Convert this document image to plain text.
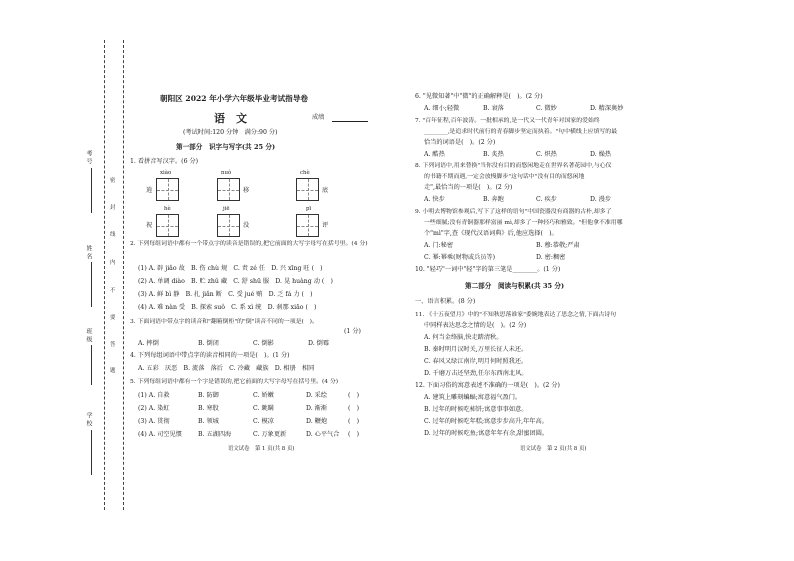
考号
姓名
班级
学校
密
封
线
内
不
要
答
题
朝阳区 2022 年小学六年级毕业考试指导卷
语　文	成绩
(考试时间:120 分钟　满分:90 分)
第一部分　识字与写字(共 25 分)
1. 看拼音写汉字。(6 分)
xiào	nuò	chè
逍	移	底
hè	jiē	pī
祝	没	评
2. 下列每组词语中都有一个带点字的读音是错误的,把它前面的大写字母写在括号里。(4 分)
(1) A. 辟 jiǎo 故　B. 伤 chù 规　C. 责 zé 任　D. 兴 xīng 旺 (　)
(2) A. 单调 diào　B. 贮 zhǔ 藏　C. 舒 shū 服　D. 晃 huàng 动 (　)
(3) A. 鲜 bì 静　B. 扎 jiǎn 断　C. 受 jué 贿　D. 乏 fá 力 (　)
(4) A. 难 nàn 受　B. 探索 suǒ　C. 系 xì 统　D. 刹那 xiāo (　)
3. 下面词语中带点字的读音和"翻箱倒柜"的"倒"读音不同的一项是(　)。
(1 分)
A. 摔倒	B. 倒闭	C. 倒影	D. 倒霉
4. 下列每组词语中带点字的读音相同的一项是(　)。(1 分)
A. 五彩　厌恶　B. 流落　落后　C. 冷藏　藏族　D. 相册　相同
5. 下列每组词语中都有一个字是错误的,把它前面的大写字母写在括号里。(4 分)
(1) A. 自救	B. 防御	C. 娇嫩	D. 采绘	(　)
(2) A. 染虹	B. 寒股	C. 眺瞒	D. 渐渐	(　)
(3) A. 贯彻	B. 领城	C. 模凉	D. 鞭炮	(　)
(4) A. 司空见惯	B. 五湖四海	C. 万象更新	D. 心平气合 (　)
语文试卷　第 1 页(共 8 页)
6. "见微知著"中"微"的正确解释是(　)。(2 分)
A. 细小;轻微	B. 衰落	C. 微妙	D. 精深奥妙
7. "百年征程,百年波涛。一批相承的,是一代又一代青年对国家的爱始终
________,是追求时代前行的青春脚步坚定而执着。"句中横线上应填写的最
恰当的词语是(　)。(2 分)
A. 酷热	B. 炙热	C. 炽热	D. 燥热
8. 下列词语中,用来替换"当你没有目的而悠闲地走在世界名著花园中,与心仪
的书籍不期而遇,一定会放慢脚步"这句话中"没有目的而悠闲地
走",最恰当的一项是(　)。(2 分)
A. 快步	B. 奔跑	C. 疾步	D. 漫步
9. 小明去博物馆参观后,写下了这样的语句"中国瓷器没有商器的古朴,却多了
一些细腻;没有青铜器那样富丽 mì,却多了一种轻巧和雅致。"但他拿不准用哪
个"mì"字,查《现代汉语词典》后,他应选择(　)。
A. 门:秘密	B. 穆:恭敬;严肃
C. 幂:幂乘(财物或兵员等)	D. 密:稠密
10. "轻巧"一词中"轻"字的第三笔是________。(1 分)
第二部分　阅读与积累(共 35 分)
一、语言积累。(8 分)
11. 《十五夜望月》中的"不知秋思落谁家"委婉地表达了思念之情,下面古诗句
中同样表达思念之情的是(　)。(2 分)
A. 何当金络脑,快走踏清秋。
B. 秦时明月汉时关,万里长征人未还。
C. 春风又绿江南岸,明月何时照我还。
D. 千磨万击还坚劲,任尔东西南北风。
12. 下面习俗的寓意表述不准确的一项是(　)。(2 分)
A. 建筑上雕刻蝙蝠;寓意福气盈门。
B. 过年的时候吃柿饼;寓意事事如意。
C. 过年的时候吃年糕;寓意步步高升,年年高。
D. 过年的时候吃鱼;寓意年年有余,甜蜜团圆。
语文试卷　第 2 页(共 8 页)
